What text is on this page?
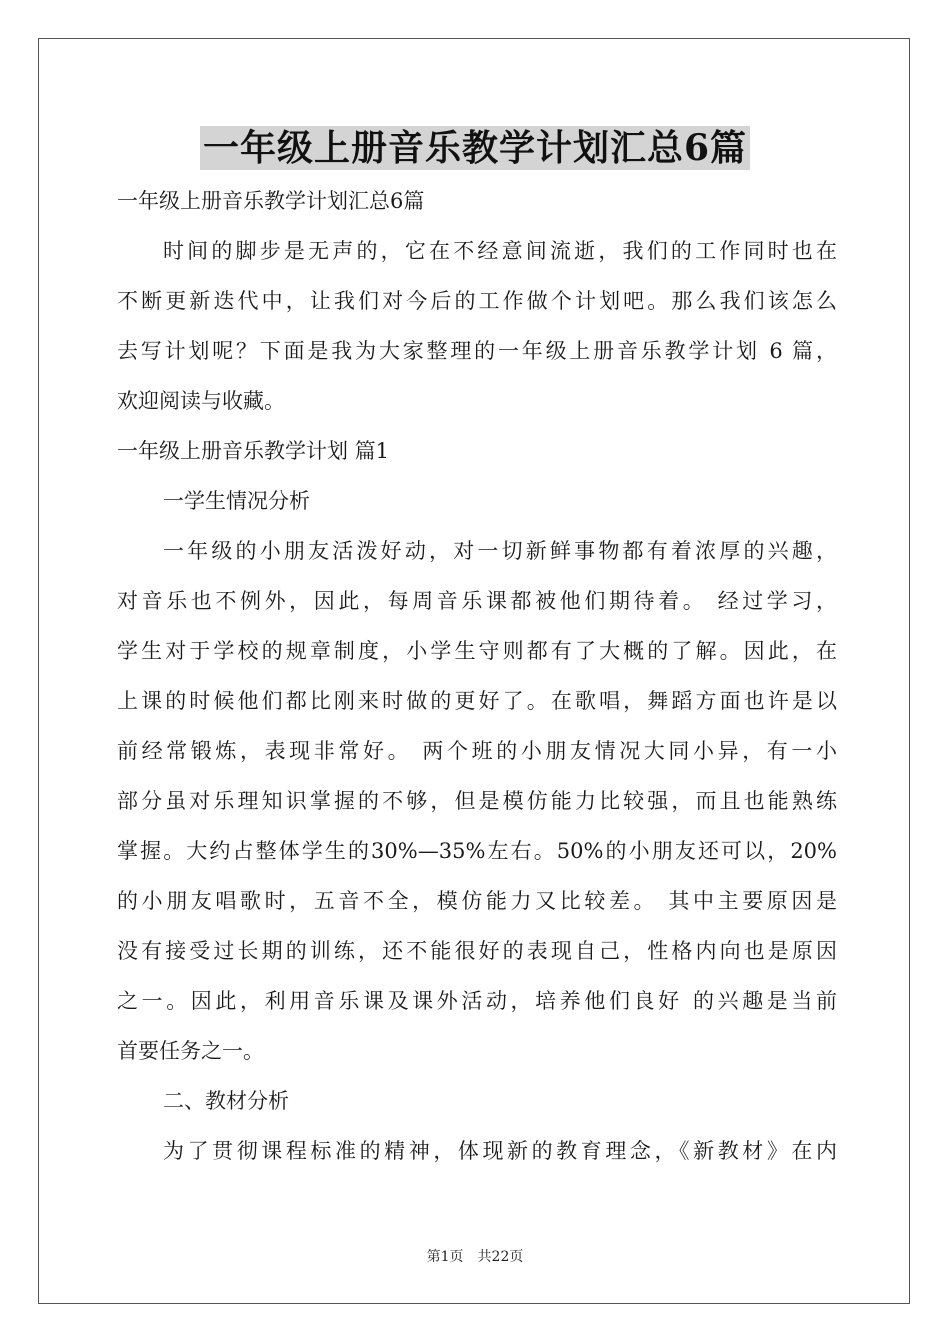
一年级上册音乐教学计划汇总6篇
一年级上册音乐教学计划汇总6篇
时间的脚步是无声的，它在不经意间流逝，我们的工作同时也在
不断更新迭代中，让我们对今后的工作做个计划吧。那么我们该怎么
去写计划呢？下面是我为大家整理的一年级上册音乐教学计划 6 篇，
欢迎阅读与收藏。
一年级上册音乐教学计划 篇1
一学生情况分析
一年级的小朋友活泼好动，对一切新鲜事物都有着浓厚的兴趣，
对音乐也不例外，因此，每周音乐课都被他们期待着。 经过学习，
学生对于学校的规章制度，小学生守则都有了大概的了解。因此，在
上课的时候他们都比刚来时做的更好了。在歌唱，舞蹈方面也许是以
前经常锻炼，表现非常好。 两个班的小朋友情况大同小异，有一小
部分虽对乐理知识掌握的不够，但是模仿能力比较强，而且也能熟练
掌握。大约占整体学生的30%—35%左右。50%的小朋友还可以，20%
的小朋友唱歌时，五音不全，模仿能力又比较差。 其中主要原因是
没有接受过长期的训练，还不能很好的表现自己，性格内向也是原因
之一。因此，利用音乐课及课外活动，培养他们良好 的兴趣是当前
首要任务之一。
二、教材分析
为了贯彻课程标准的精神，体现新的教育理念，《新教材》在内
第1页 共22页
